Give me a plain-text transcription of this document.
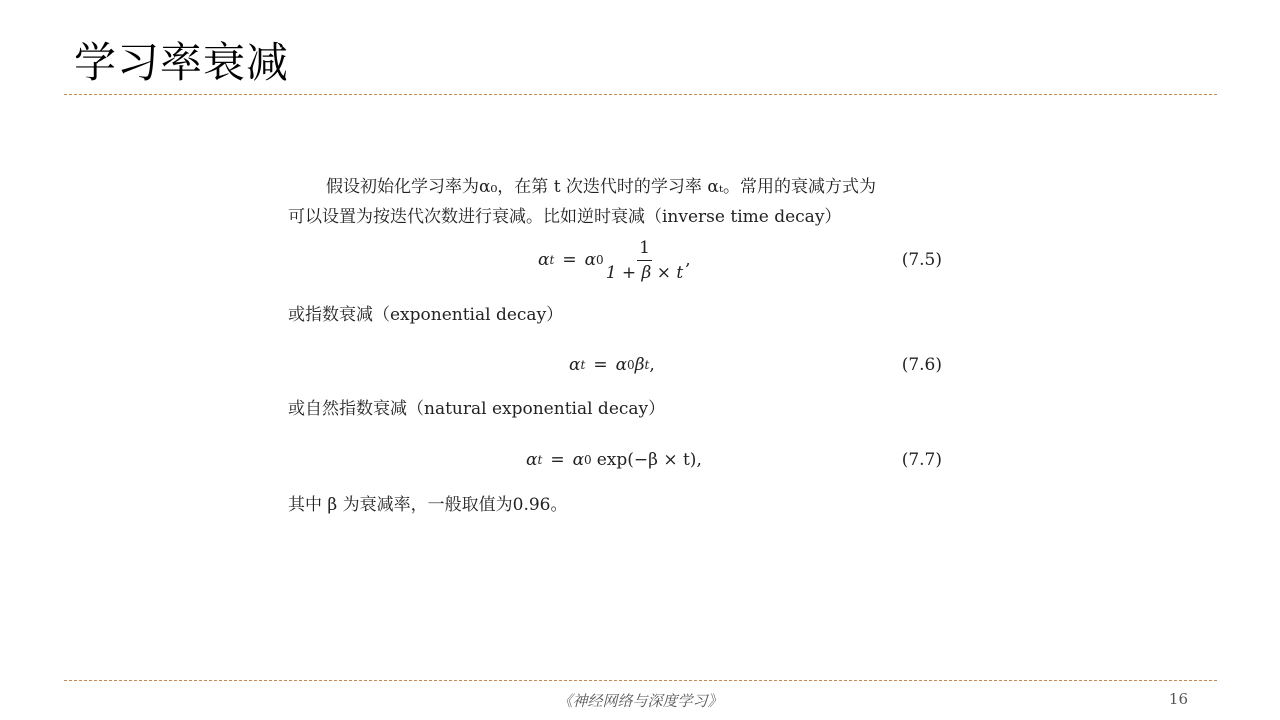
学习率衰减
假设初始化学习率为α₀，在第 t 次迭代时的学习率 αₜ。常用的衰减方式为
可以设置为按迭代次数进行衰减。比如逆时衰减（inverse time decay）
α t = α $0 \frac{1}{1 + \beta \times t}$ ,	(7.5)
或指数衰减（exponential decay）
α t = α 0 β t ,	(7.6)
或自然指数衰减（natural exponential decay）
α t = α 0 exp(−β × t) ,	(7.7)
其中 β 为衰减率，一般取值为0.96。
《神经网络与深度学习》	16
